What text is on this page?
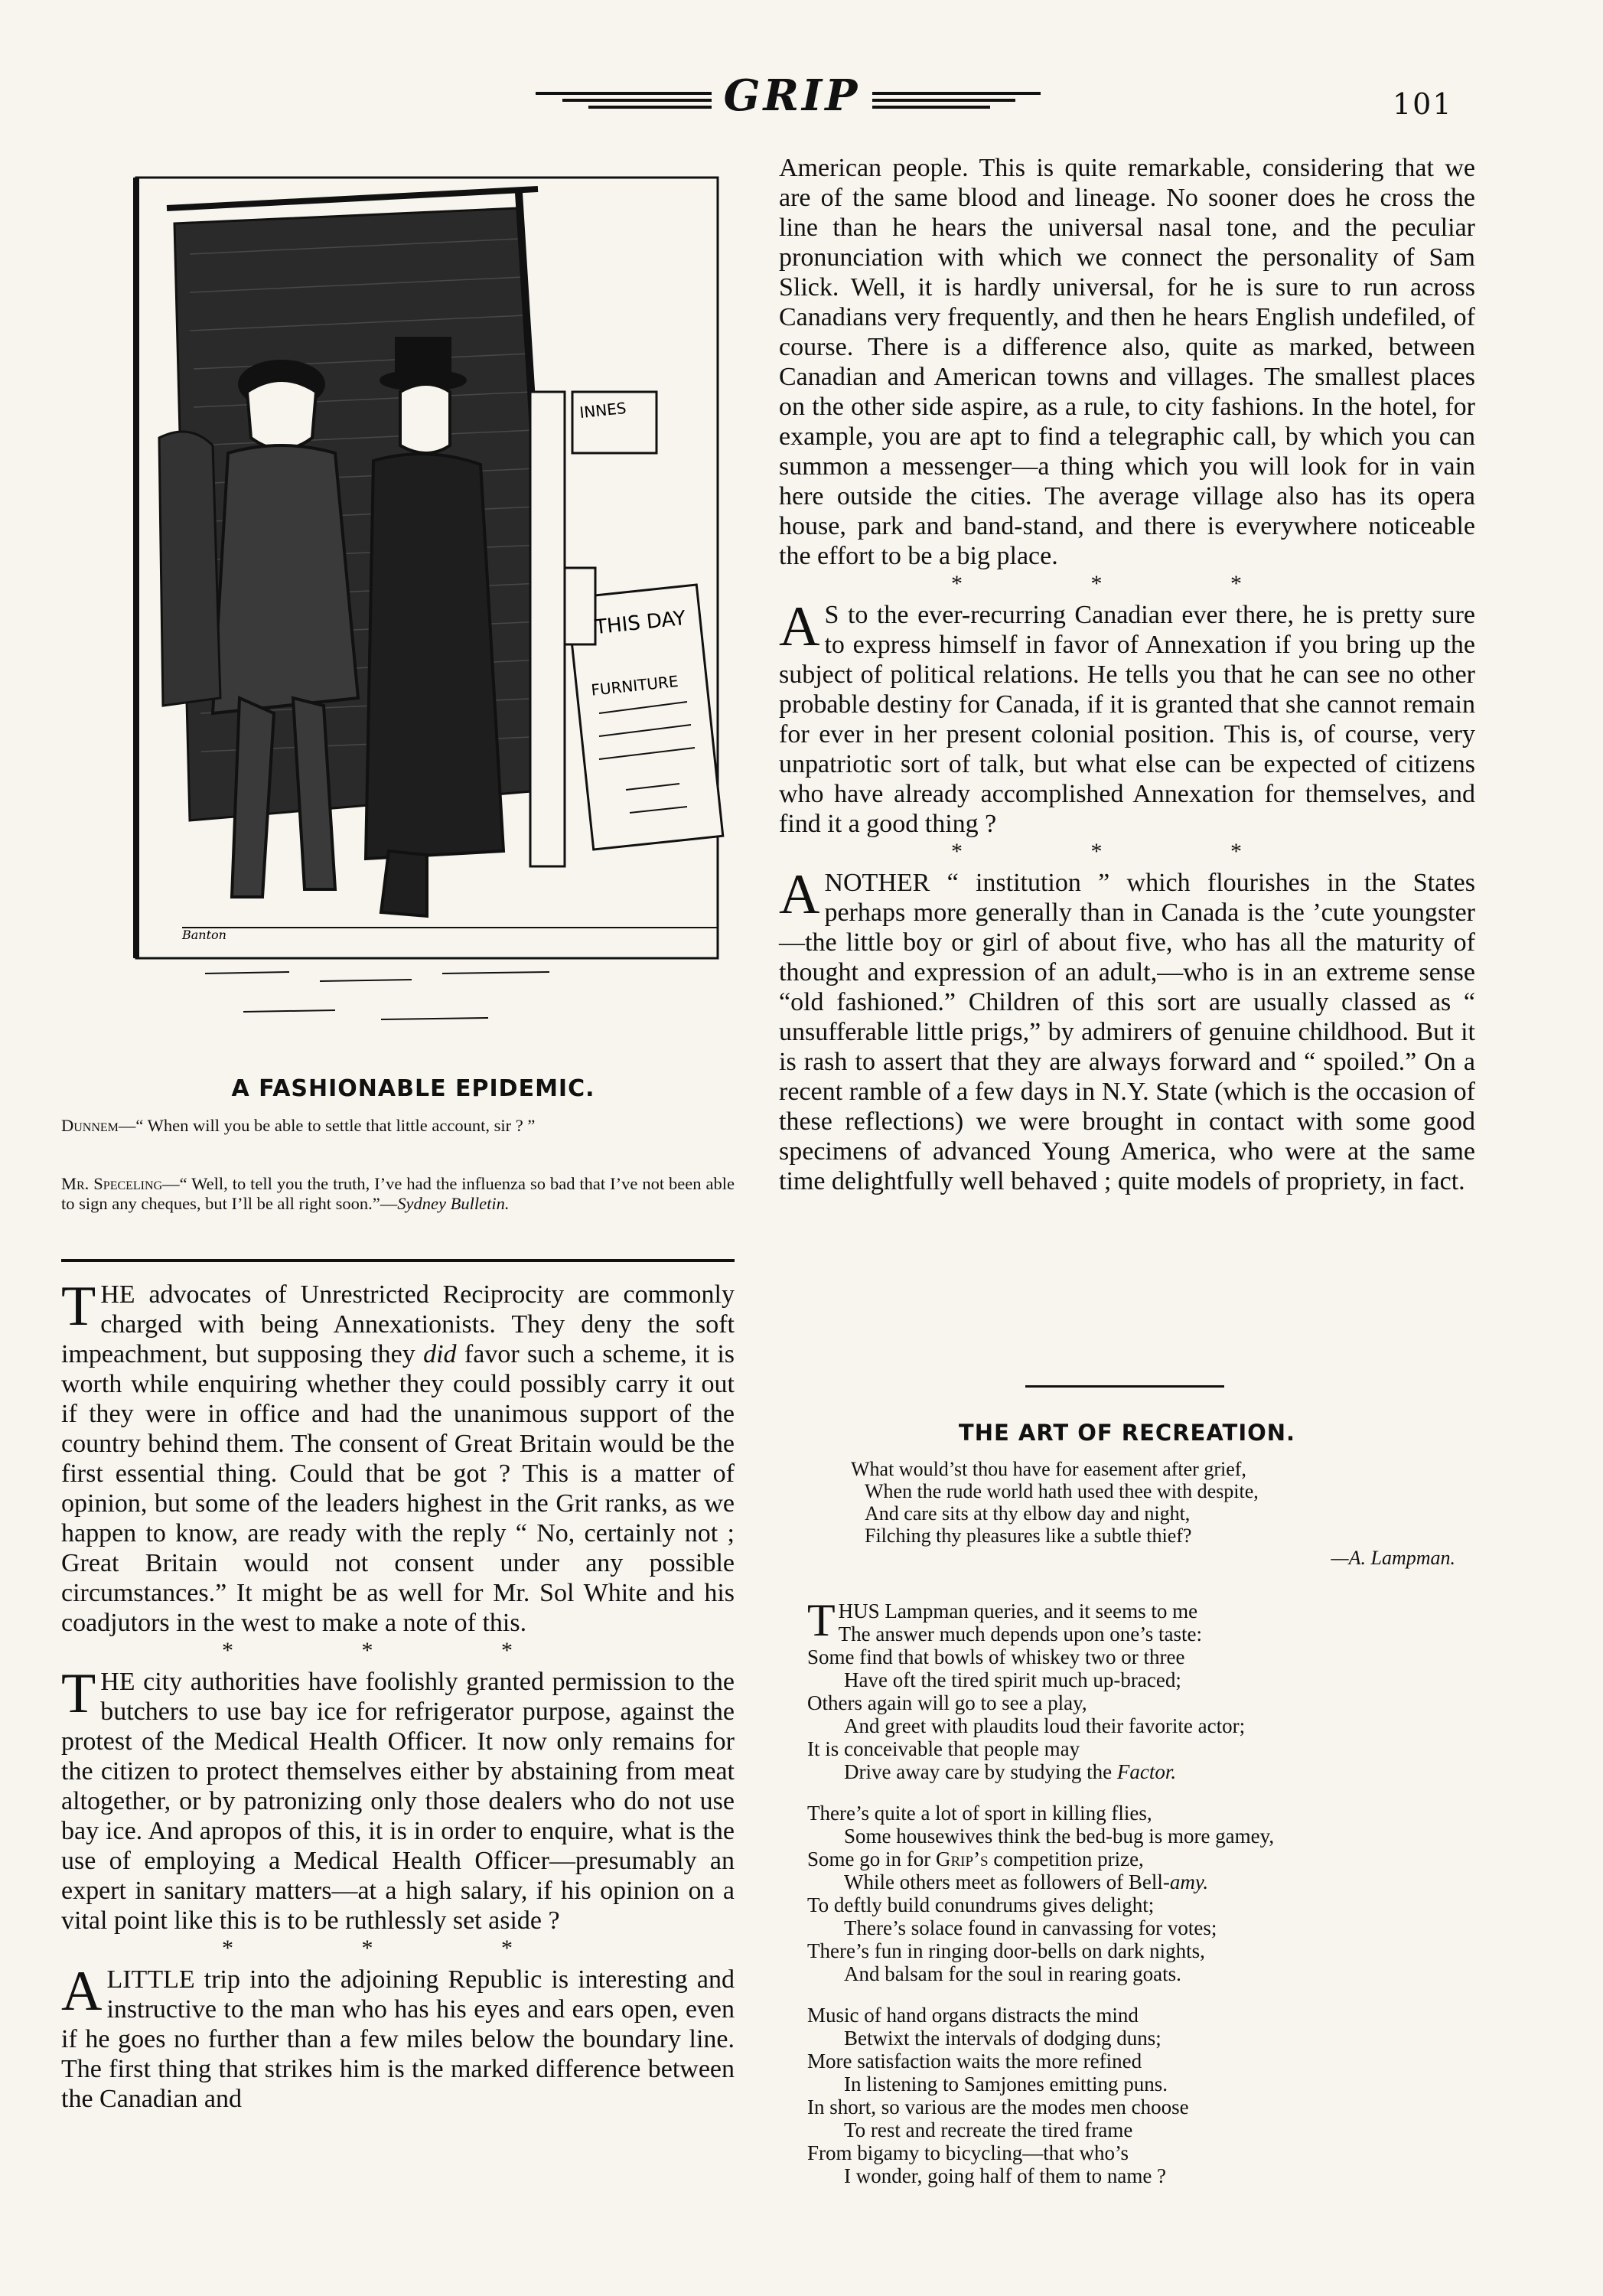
GRIP	101
INNES
THIS DAY
FURNITURE
Banton
A FASHIONABLE EPIDEMIC.
Dunnem—“ When will you be able to settle that little account, sir ? ”
Mr. Speceling—“ Well, to tell you the truth, I’ve had the influenza so bad that I’ve not been able to sign any cheques, but I’ll be all right soon.”—Sydney Bulletin.

THE advocates of Unrestricted Reciprocity are commonly charged with being Annexationists. They deny the soft impeachment, but supposing they did favor such a scheme, it is worth while enquiring whether they could possibly carry it out if they were in office and had the unanimous support of the country behind them. The consent of Great Britain would be the first essential thing. Could that be got ? This is a matter of opinion, but some of the leaders highest in the Grit ranks, as we happen to know, are ready with the reply “ No, certainly not ; Great Britain would not consent under any possible circumstances.” It might be as well for Mr. Sol White and his coadjutors in the west to make a note of this.

* * *

THE city authorities have foolishly granted permission to the butchers to use bay ice for refrigerator purpose, against the protest of the Medical Health Officer. It now only remains for the citizen to protect themselves either by abstaining from meat altogether, or by patronizing only those dealers who do not use bay ice. And apropos of this, it is in order to enquire, what is the use of employing a Medical Health Officer—presumably an expert in sanitary matters—at a high salary, if his opinion on a vital point like this is to be ruthlessly set aside ?

* * *

A LITTLE trip into the adjoining Republic is interesting and instructive to the man who has his eyes and ears open, even if he goes no further than a few miles below the boundary line. The first thing that strikes him is the marked difference between the Canadian and

American people. This is quite remarkable, considering that we are of the same blood and lineage. No sooner does he cross the line than he hears the universal nasal tone, and the peculiar pronunciation with which we connect the personality of Sam Slick. Well, it is hardly universal, for he is sure to run across Canadians very frequently, and then he hears English undefiled, of course. There is a difference also, quite as marked, between Canadian and American towns and villages. The smallest places on the other side aspire, as a rule, to city fashions. In the hotel, for example, you are apt to find a telegraphic call, by which you can summon a messenger—a thing which you will look for in vain here outside the cities. The average village also has its opera house, park and band-stand, and there is everywhere noticeable the effort to be a big place.

* * *

A S to the ever-recurring Canadian ever there, he is pretty sure to express himself in favor of Annexation if you bring up the subject of political relations. He tells you that he can see no other probable destiny for Canada, if it is granted that she cannot remain for ever in her present colonial position. This is, of course, very unpatriotic sort of talk, but what else can be expected of citizens who have already accomplished Annexation for themselves, and find it a good thing ?

* * *

ANOTHER “ institution ” which flourishes in the States perhaps more generally than in Canada is the ’cute youngster—the little boy or girl of about five, who has all the maturity of thought and expression of an adult,—who is in an extreme sense “old fashioned.” Children of this sort are usually classed as “ unsufferable little prigs,” by admirers of genuine childhood. But it is rash to assert that they are always forward and “ spoiled.” On a recent ramble of a few days in N.Y. State (which is the occasion of these reflections) we were brought in contact with some good specimens of advanced Young America, who were at the same time delightfully well behaved ; quite models of propriety, in fact.

THE ART OF RECREATION.
What would’st thou have for easement after grief,
When the rude world hath used thee with despite,
And care sits at thy elbow day and night,
Filching thy pleasures like a subtle thief?
—A. Lampman.
THUS Lampman queries, and it seems to me
The answer much depends upon one’s taste:
Some find that bowls of whiskey two or three
Have oft the tired spirit much up-braced;
Others again will go to see a play,
And greet with plaudits loud their favorite actor;
It is conceivable that people may
Drive away care by studying the Factor.
There’s quite a lot of sport in killing flies,
Some housewives think the bed-bug is more gamey,
Some go in for Grip’s competition prize,
While others meet as followers of Bell-amy.
To deftly build conundrums gives delight;
There’s solace found in canvassing for votes;
There’s fun in ringing door-bells on dark nights,
And balsam for the soul in rearing goats.
Music of hand organs distracts the mind
Betwixt the intervals of dodging duns;
More satisfaction waits the more refined
In listening to Samjones emitting puns.
In short, so various are the modes men choose
To rest and recreate the tired frame
From bigamy to bicycling—that who’s
I wonder, going half of them to name ?
